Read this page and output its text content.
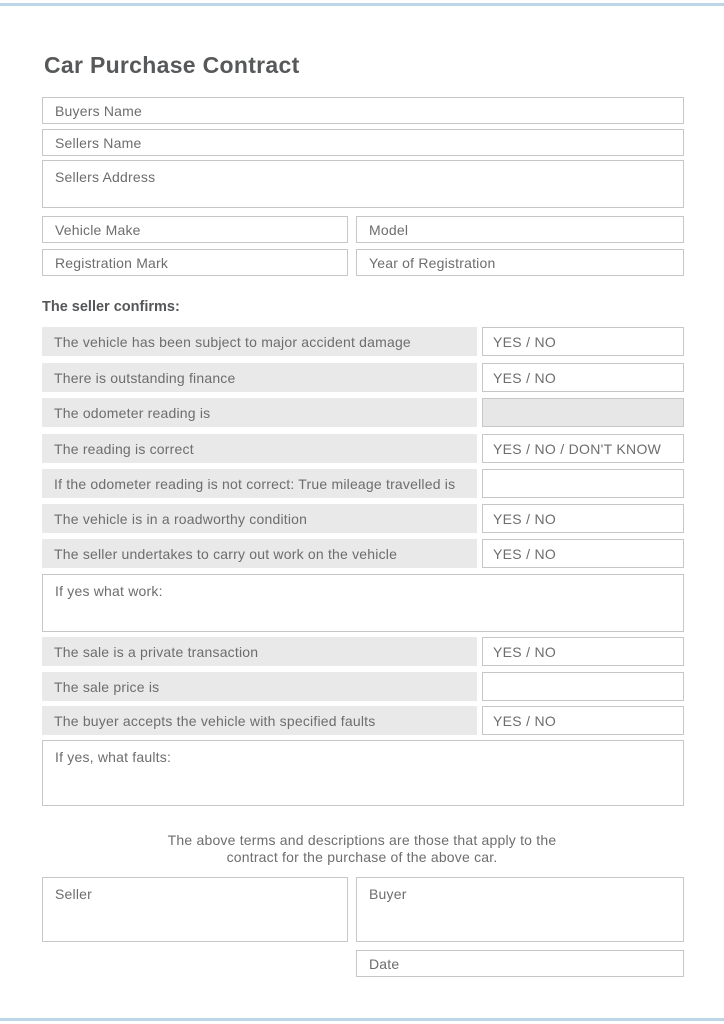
Car Purchase Contract
Buyers Name
Sellers Name
Sellers Address
Vehicle Make	Model
Registration Mark	Year of Registration
The seller confirms:
The vehicle has been subject to major accident damage	YES / NO
There is outstanding finance	YES / NO
The odometer reading is
The reading is correct	YES / NO / DON'T KNOW
If the odometer reading is not correct: True mileage travelled is
The vehicle is in a roadworthy condition	YES / NO
The seller undertakes to carry out work on the vehicle	YES / NO
If yes what work:
The sale is a private transaction	YES / NO
The sale price is
The buyer accepts the vehicle with specified faults	YES / NO
If yes, what faults:
The above terms and descriptions are those that apply to the
contract for the purchase of the above car.
Seller	Buyer
Date
